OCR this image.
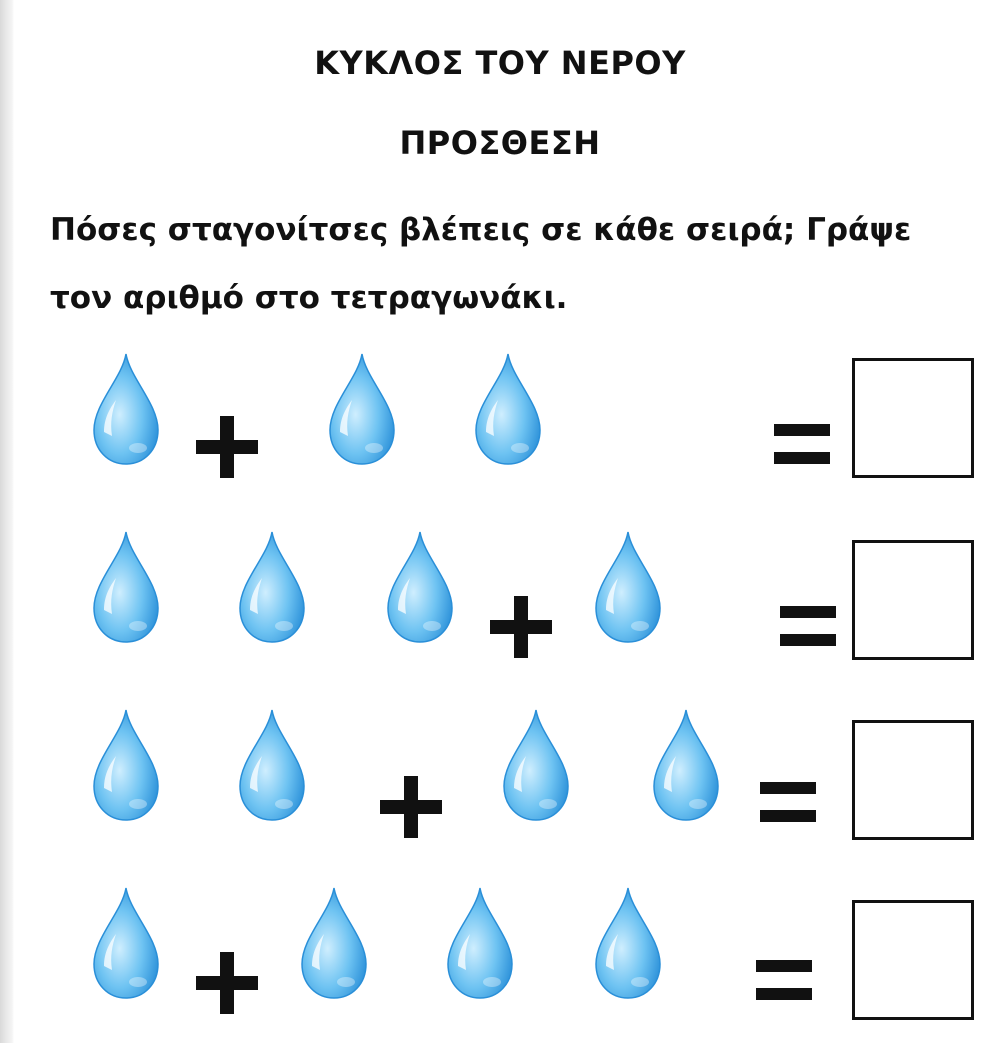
ΚΥΚΛΟΣ ΤΟΥ ΝΕΡΟΥ
ΠΡΟΣΘΕΣΗ
Πόσες σταγονίτσες βλέπεις σε κάθε σειρά; Γράψε
τον αριθμό στο τετραγωνάκι.
